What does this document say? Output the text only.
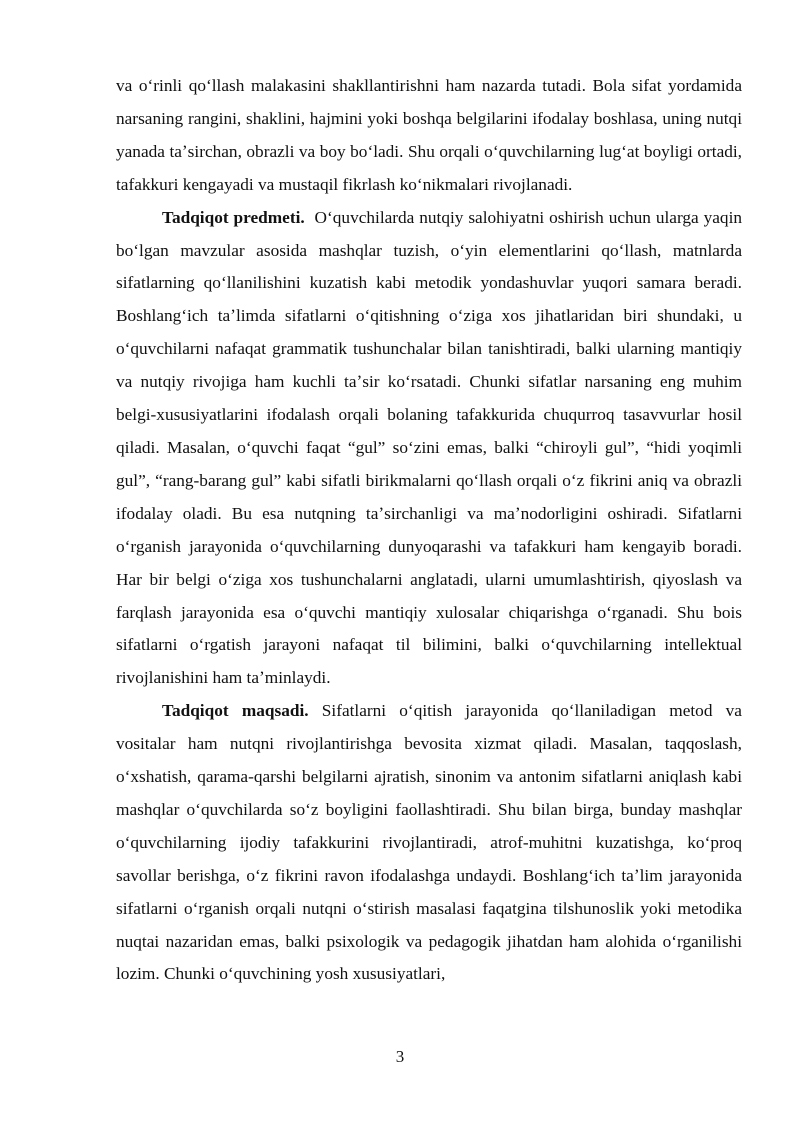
va oʻrinli qoʻllash malakasini shakllantirishni ham nazarda tutadi. Bola sifat yordamida narsaning rangini, shaklini, hajmini yoki boshqa belgilarini ifodalay boshlasa, uning nutqi yanada taʼsirchan, obrazli va boy boʻladi. Shu orqali oʻquvchilarning lugʻat boyligi ortadi, tafakkuri kengayadi va mustaqil fikrlash koʻnikmalari rivojlanadi.

Tadqiqot predmeti. Oʻquvchilarda nutqiy salohiyatni oshirish uchun ularga yaqin boʻlgan mavzular asosida mashqlar tuzish, oʻyin elementlarini qoʻllash, matnlarda sifatlarning qoʻllanilishini kuzatish kabi metodik yondashuvlar yuqori samara beradi. Boshlangʻich taʼlimda sifatlarni oʻqitishning oʻziga xos jihatlaridan biri shundaki, u oʻquvchilarni nafaqat grammatik tushunchalar bilan tanishtiradi, balki ularning mantiqiy va nutqiy rivojiga ham kuchli taʼsir koʻrsatadi. Chunki sifatlar narsaning eng muhim belgi-xususiyatlarini ifodalash orqali bolaning tafakkurida chuqurroq tasavvurlar hosil qiladi. Masalan, oʻquvchi faqat “gul” soʻzini emas, balki “chiroyli gul”, “hidi yoqimli gul”, “rang-barang gul” kabi sifatli birikmalarni qoʻllash orqali oʻz fikrini aniq va obrazli ifodalay oladi. Bu esa nutqning taʼsirchanligi va maʼnodorligini oshiradi. Sifatlarni oʻrganish jarayonida oʻquvchilarning dunyoqarashi va tafakkuri ham kengayib boradi. Har bir belgi oʻziga xos tushunchalarni anglatadi, ularni umumlashtirish, qiyoslash va farqlash jarayonida esa oʻquvchi mantiqiy xulosalar chiqarishga oʻrganadi. Shu bois sifatlarni oʻrgatish jarayoni nafaqat til bilimini, balki oʻquvchilarning intellektual rivojlanishini ham taʼminlaydi.

Tadqiqot maqsadi. Sifatlarni oʻqitish jarayonida qoʻllaniladigan metod va vositalar ham nutqni rivojlantirishga bevosita xizmat qiladi. Masalan, taqqoslash, oʻxshatish, qarama-qarshi belgilarni ajratish, sinonim va antonim sifatlarni aniqlash kabi mashqlar oʻquvchilarda soʻz boyligini faollashtiradi. Shu bilan birga, bunday mashqlar oʻquvchilarning ijodiy tafakkurini rivojlantiradi, atrof-muhitni kuzatishga, koʻproq savollar berishga, oʻz fikrini ravon ifodalashga undaydi. Boshlangʻich taʼlim jarayonida sifatlarni oʻrganish orqali nutqni oʻstirish masalasi faqatgina tilshunoslik yoki metodika nuqtai nazaridan emas, balki psixologik va pedagogik jihatdan ham alohida oʻrganilishi lozim. Chunki oʻquvchining yosh xususiyatlari,

3
